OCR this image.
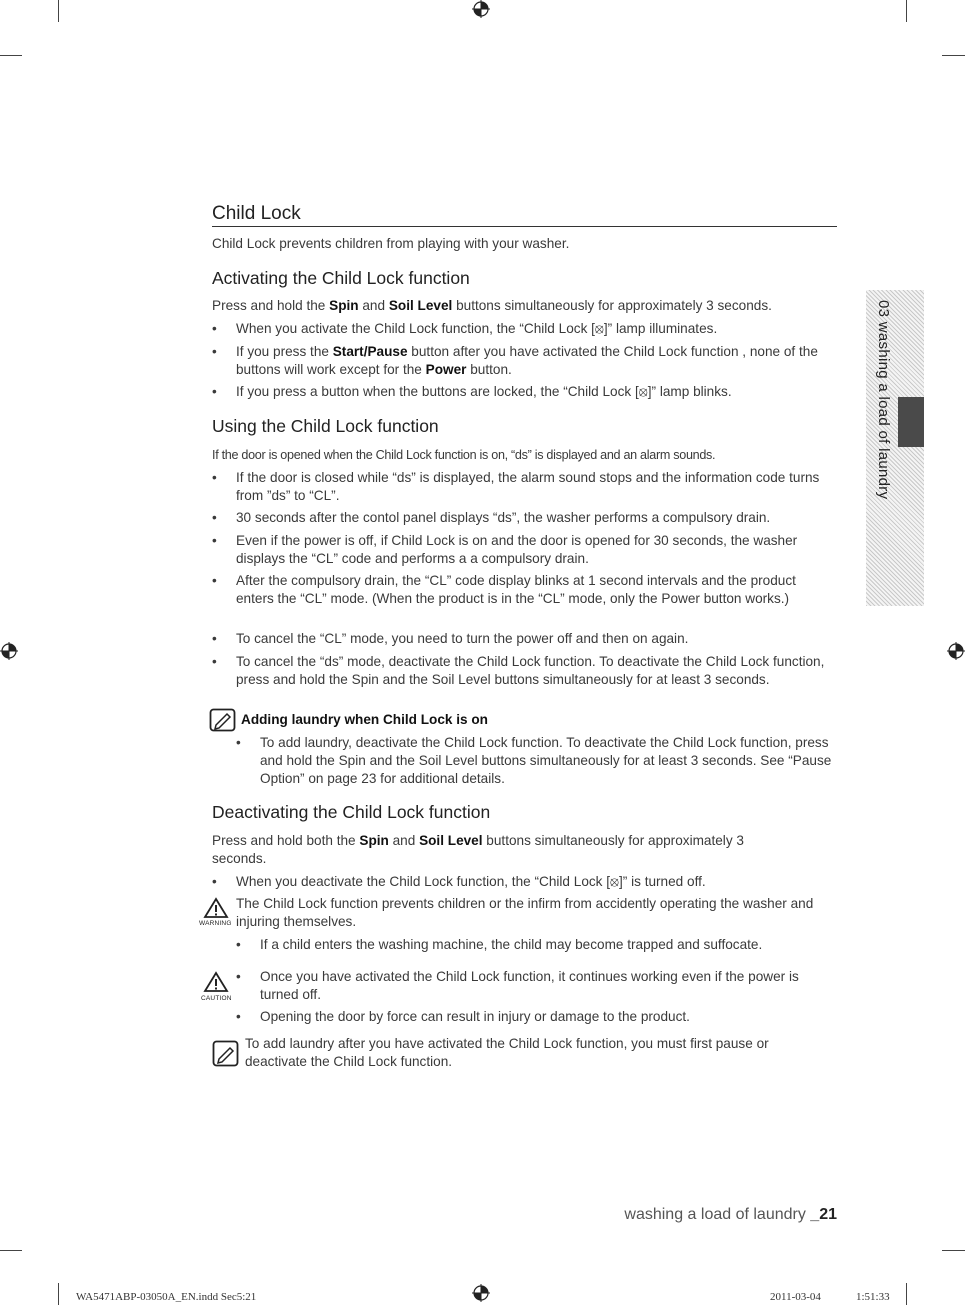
03 washing a load of laundry
Child Lock
Child Lock prevents children from playing with your washer.
Activating the Child Lock function
Press and hold the Spin and Soil Level buttons simultaneously for approximately 3 seconds.
• When you activate the Child Lock function, the “Child Lock [⦻]” lamp illuminates.
• If you press the Start/Pause button after you have activated the Child Lock function , none of the buttons will work except for the Power button.
• If you press a button when the buttons are locked, the “Child Lock [⦻]” lamp blinks.
Using the Child Lock function
If the door is opened when the Child Lock function is on, “ds” is displayed and an alarm sounds.
• If the door is closed while “ds” is displayed, the alarm sound stops and the information code turns from ”ds” to “CL”.
• 30 seconds after the contol panel displays “ds”, the washer performs a compulsory drain.
• Even if the power is off, if Child Lock is on and the door is opened for 30 seconds, the washer displays the “CL” code and performs a a compulsory drain.
• After the compulsory drain, the “CL” code display blinks at 1 second intervals and the product enters the “CL” mode. (When the product is in the “CL” mode, only the Power button works.)
• To cancel the “CL” mode, you need to turn the power off and then on again.
• To cancel the “ds” mode, deactivate the Child Lock function. To deactivate the Child Lock function, press and hold the Spin and the Soil Level buttons simultaneously for at least 3 seconds.
Adding laundry when Child Lock is on
• To add laundry, deactivate the Child Lock function. To deactivate the Child Lock function, press and hold the Spin and the Soil Level buttons simultaneously for at least 3 seconds. See “Pause Option” on page 23 for additional details.
Deactivating the Child Lock function
Press and hold both the Spin and Soil Level buttons simultaneously for approximately 3 seconds.
• When you deactivate the Child Lock function, the “Child Lock [⦻]” is turned off.
WARNING
The Child Lock function prevents children or the infirm from accidently operating the washer and injuring themselves.
• If a child enters the washing machine, the child may become trapped and suffocate.
CAUTION
• Once you have activated the Child Lock function, it continues working even if the power is turned off.
• Opening the door by force can result in injury or damage to the product.
To add laundry after you have activated the Child Lock function, you must first pause or deactivate the Child Lock function.
washing a load of laundry _21
WA5471ABP-03050A_EN.indd Sec5:21	2011-03-04	1:51:33
